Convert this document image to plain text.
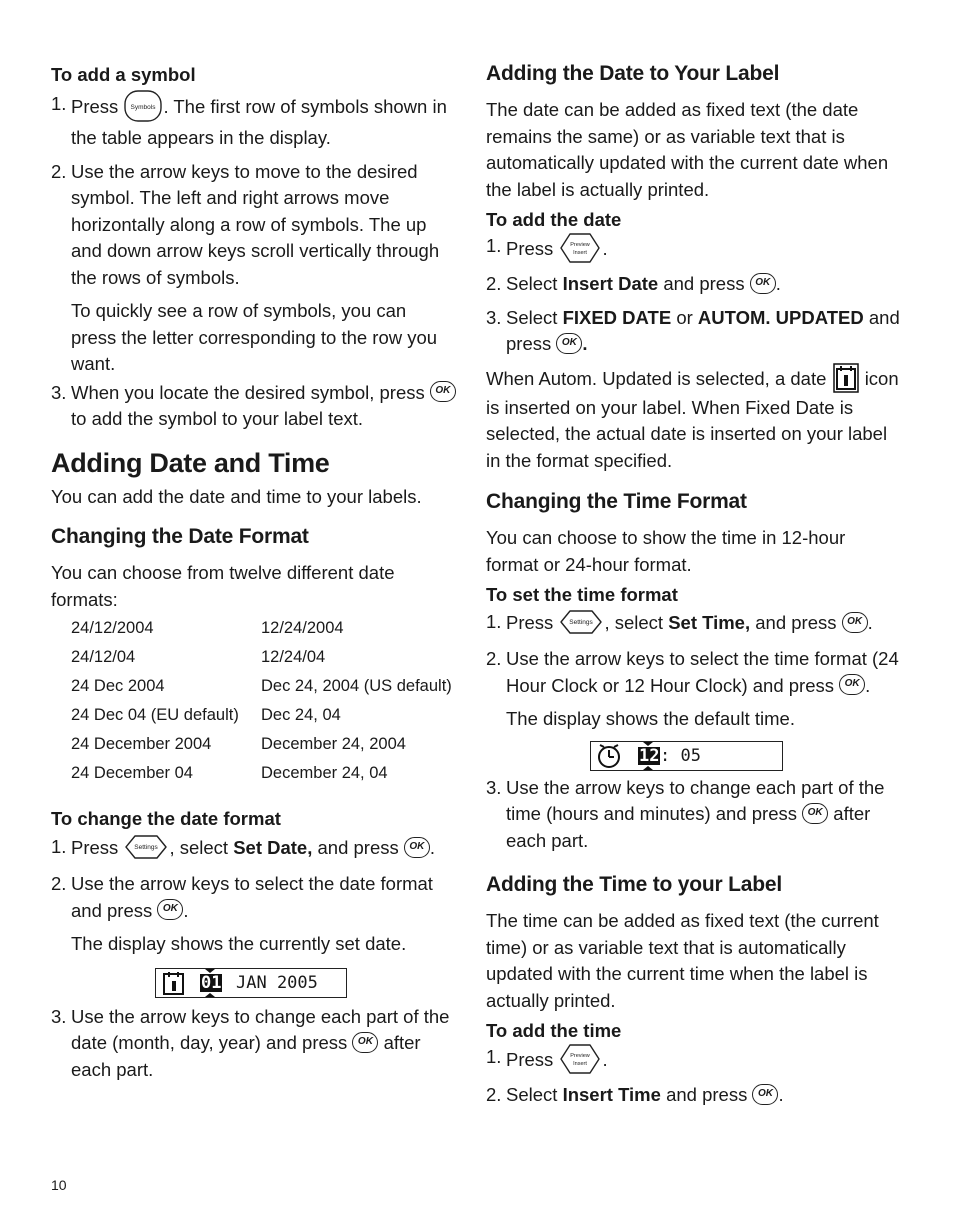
To add a symbol
1. Press Symbols . The first row of symbols shown in the table appears in the display.
2. Use the arrow keys to move to the desired symbol. The left and right arrows move horizontally along a row of symbols. The up and down arrow keys scroll vertically through the rows of symbols.

To quickly see a row of symbols, you can press the letter corresponding to the row you want.

3. When you locate the desired symbol, press OK to add the symbol to your label text.
Adding Date and Time

You can add the date and time to your labels.

Changing the Date Format

You can choose from twelve different date formats:

24/12/2004	12/24/2004
24/12/04	12/24/04
24 Dec 2004	Dec 24, 2004 (US default)
24 Dec 04 (EU default)	Dec 24, 04
24 December 2004	December 24, 2004
24 December 04	December 24, 04
To change the date format
1. Press	Settings , select Set Date, and press OK .
2. Use the arrow keys to select the date format and press OK .

The display shows the currently set date.

01 JAN 2005
3. Use the arrow keys to change each part of the date (month, day, year) and press OK after each part.
Adding the Date to Your Label

The date can be added as fixed text (the date remains the same) or as variable text that is automatically updated with the current date when the label is actually printed.

To add the date
1. Press	Preview
Insert .
2. Select Insert Date and press OK .
3. Select FIXED DATE or AUTOM. UPDATED and press OK .

When Autom. Updated is selected, a date icon is inserted on your label. When Fixed Date is selected, the actual date is inserted on your label in the format specified.

Changing the Time Format

You can choose to show the time in 12-hour format or 24-hour format.

To set the time format
1. Press	Settings , select Set Time, and press OK .
2. Use the arrow keys to select the time format (24 Hour Clock or 12 Hour Clock) and press OK .

The display shows the default time.

12 : 05
3. Use the arrow keys to change each part of the time (hours and minutes) and press OK after each part.
Adding the Time to your Label

The time can be added as fixed text (the current time) or as variable text that is automatically updated with the current time when the label is actually printed.

To add the time
1. Press	Preview
Insert .
2. Select Insert Time and press OK .
10
